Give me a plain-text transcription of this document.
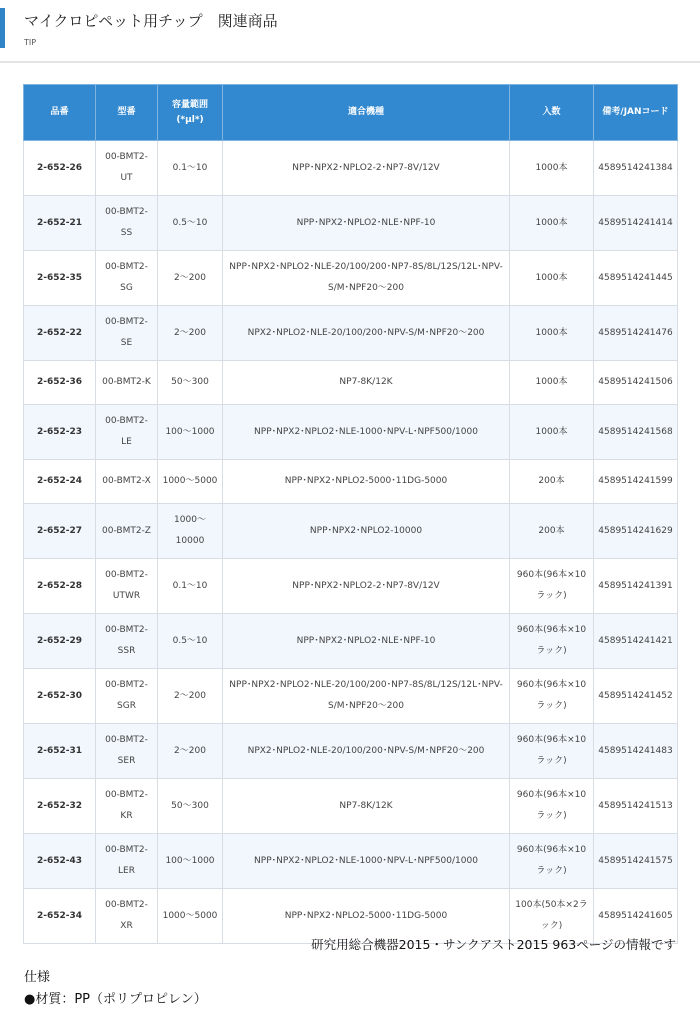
マイクロピペット用チップ　関連商品
TIP
品番	型番	容量範囲
(*μl*)	適合機種	入数	備考/JANコード
2-652-26	00-BMT2-UT	0.1～10	NPP･NPX2･NPLO2-2･NP7-8V/12V	1000本	4589514241384
2-652-21	00-BMT2-SS	0.5～10	NPP･NPX2･NPLO2･NLE･NPF-10	1000本	4589514241414
2-652-35	00-BMT2-SG	2～200	NPP･NPX2･NPLO2･NLE-20/100/200･NP7-8S/8L/12S/12L･NPV-S/M･NPF20～200	1000本	4589514241445
2-652-22	00-BMT2-SE	2～200	NPX2･NPLO2･NLE-20/100/200･NPV-S/M･NPF20～200	1000本	4589514241476
2-652-36	00-BMT2-K	50～300	NP7-8K/12K	1000本	4589514241506
2-652-23	00-BMT2-LE	100～1000	NPP･NPX2･NPLO2･NLE-1000･NPV-L･NPF500/1000	1000本	4589514241568
2-652-24	00-BMT2-X	1000～5000	NPP･NPX2･NPLO2-5000･11DG-5000	200本	4589514241599
2-652-27	00-BMT2-Z	1000～10000	NPP･NPX2･NPLO2-10000	200本	4589514241629
2-652-28	00-BMT2-UTWR	0.1～10	NPP･NPX2･NPLO2-2･NP7-8V/12V	960本(96本×10ラック)	4589514241391
2-652-29	00-BMT2-SSR	0.5～10	NPP･NPX2･NPLO2･NLE･NPF-10	960本(96本×10ラック)	4589514241421
2-652-30	00-BMT2-SGR	2～200	NPP･NPX2･NPLO2･NLE-20/100/200･NP7-8S/8L/12S/12L･NPV-S/M･NPF20～200	960本(96本×10ラック)	4589514241452
2-652-31	00-BMT2-SER	2～200	NPX2･NPLO2･NLE-20/100/200･NPV-S/M･NPF20～200	960本(96本×10ラック)	4589514241483
2-652-32	00-BMT2-KR	50～300	NP7-8K/12K	960本(96本×10ラック)	4589514241513
2-652-43	00-BMT2-LER	100～1000	NPP･NPX2･NPLO2･NLE-1000･NPV-L･NPF500/1000	960本(96本×10ラック)	4589514241575
2-652-34	00-BMT2-XR	1000～5000	NPP･NPX2･NPLO2-5000･11DG-5000	100本(50本×2ラック)	4589514241605
研究用総合機器2015・サンクアスト2015 963ページの情報です
仕様
●材質：PP（ポリプロピレン）
